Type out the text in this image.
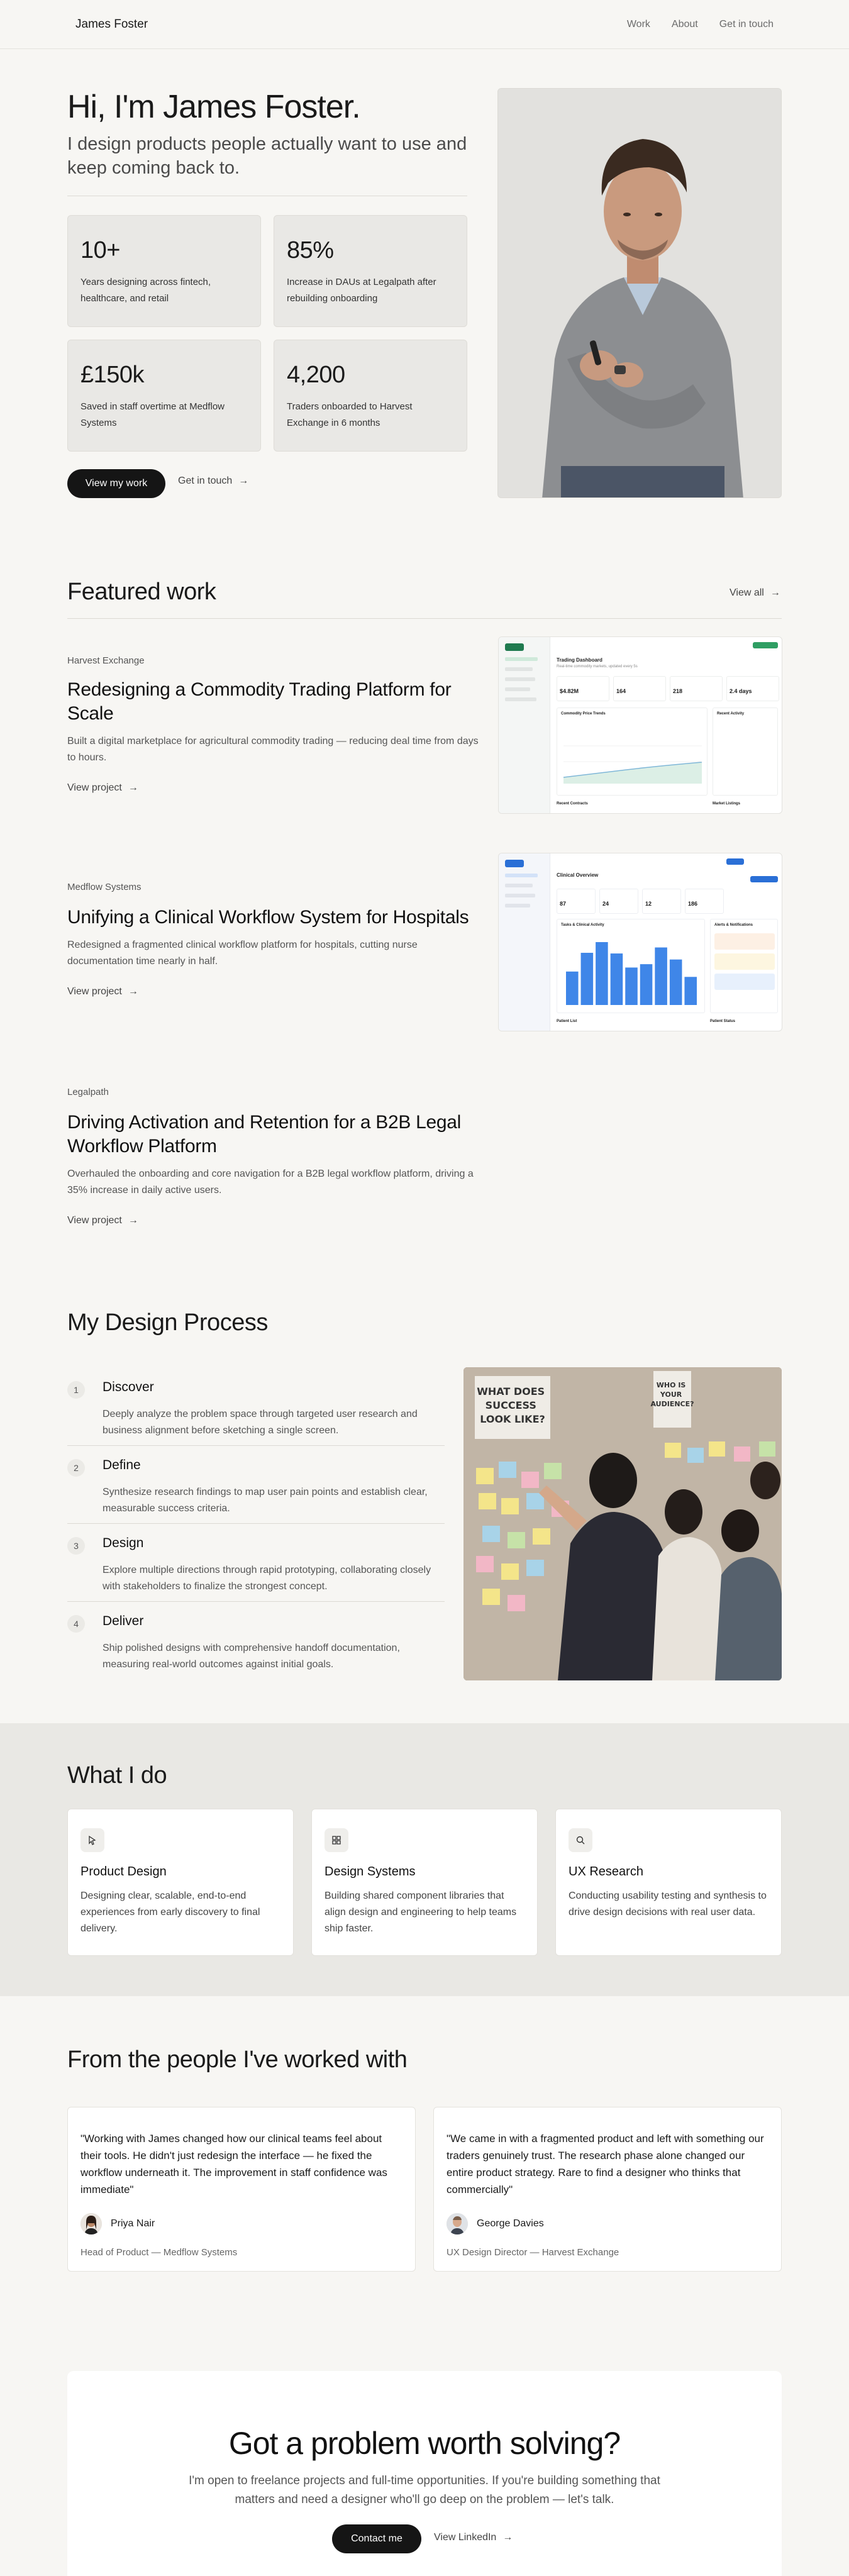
James Foster	Work About Get in touch
Hi, I'm James Foster.

I design products people actually want to use and keep coming back to.

10+
Years designing across fintech, healthcare, and retail
85%
Increase in DAUs at Legalpath after rebuilding onboarding
£150k
Saved in staff overtime at Medflow Systems
4,200
Traders onboarded to Harvest Exchange in 6 months
View my work	Get in touch →
Featured work	View all →
Harvest Exchange
Redesigning a Commodity Trading Platform for Scale
Built a digital marketplace for agricultural commodity trading — reducing deal time from days to hours.
View project →
Trading Dashboard
Real-time commodity markets, updated every 5s
$4.82M	164	218	2.4 days
Commodity Price Trends	Recent Activity
Recent Contracts	Market Listings
Medflow Systems
Unifying a Clinical Workflow System for Hospitals
Redesigned a fragmented clinical workflow platform for hospitals, cutting nurse documentation time nearly in half.
View project →
Clinical Overview
87	24	12	186
Tasks & Clinical Activity	Alerts & Notifications
Patient List	Patient Status
Legalpath
Driving Activation and Retention for a B2B Legal Workflow Platform
Overhauled the onboarding and core navigation for a B2B legal workflow platform, driving a 35% increase in daily active users.
View project →
My Design Process
1	Discover
Deeply analyze the problem space through targeted user research and business alignment before sketching a single screen.
2	Define
Synthesize research findings to map user pain points and establish clear, measurable success criteria.
3	Design
Explore multiple directions through rapid prototyping, collaborating closely with stakeholders to finalize the strongest concept.
4	Deliver
Ship polished designs with comprehensive handoff documentation, measuring real-world outcomes against initial goals.
WHAT DOES SUCCESS LOOK LIKE?
WHO IS YOUR AUDIENCE?
What I do
Product Design
Designing clear, scalable, end-to-end experiences from early discovery to final delivery.
Design Systems
Building shared component libraries that align design and engineering to help teams ship faster.
UX Research
Conducting usability testing and synthesis to drive design decisions with real user data.
From the people I've worked with
"Working with James changed how our clinical teams feel about their tools. He didn't just redesign the interface — he fixed the workflow underneath it. The improvement in staff confidence was immediate"
Priya Nair
Head of Product — Medflow Systems
"We came in with a fragmented product and left with something our traders genuinely trust. The research phase alone changed our entire product strategy. Rare to find a designer who thinks that commercially"
George Davies
UX Design Director — Harvest Exchange
Got a problem worth solving?
I'm open to freelance projects and full-time opportunities. If you're building something that matters and need a designer who'll go deep on the problem — let's talk.
Contact me	View LinkedIn →
